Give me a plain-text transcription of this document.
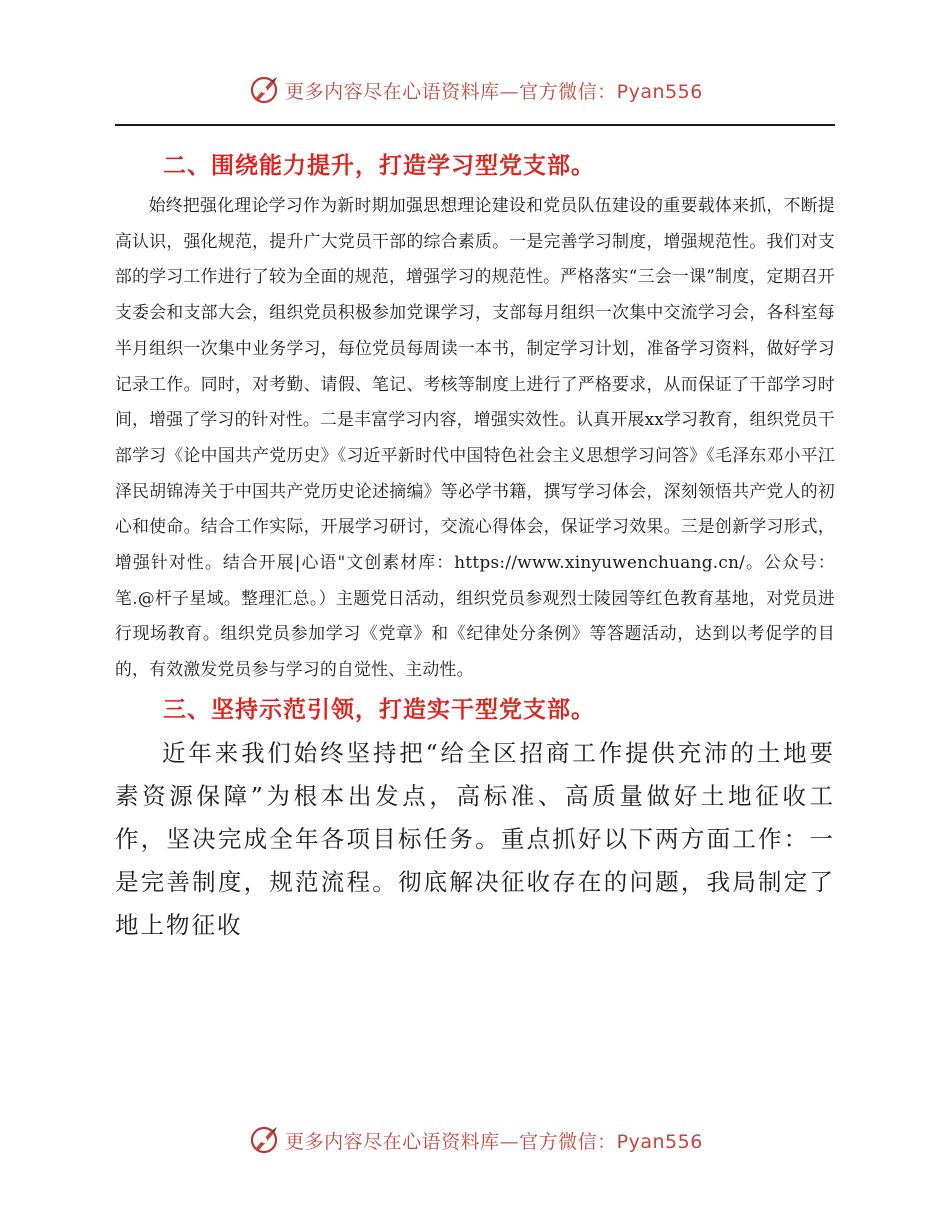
更多内容尽在心语资料库—官方微信：Pyan556
二、围绕能力提升，打造学习型党支部。

始终把强化理论学习作为新时期加强思想理论建设和党员队伍建设的重要载体来抓，不断提高认识，强化规范，提升广大党员干部的综合素质。一是完善学习制度，增强规范性。我们对支部的学习工作进行了较为全面的规范，增强学习的规范性。严格落实“三会一课”制度，定期召开支委会和支部大会，组织党员积极参加党课学习，支部每月组织一次集中交流学习会，各科室每半月组织一次集中业务学习，每位党员每周读一本书，制定学习计划，准备学习资料，做好学习记录工作。同时，对考勤、请假、笔记、考核等制度上进行了严格要求，从而保证了干部学习时间，增强了学习的针对性。二是丰富学习内容，增强实效性。认真开展xx学习教育，组织党员干部学习《论中国共产党历史》《习近平新时代中国特色社会主义思想学习问答》《毛泽东邓小平江泽民胡锦涛关于中国共产党历史论述摘编》等必学书籍，撰写学习体会，深刻领悟共产党人的初心和使命。结合工作实际，开展学习研讨，交流心得体会，保证学习效果。三是创新学习形式，增强针对性。结合开展|心语"文创素材库：https://www.xinyuwenchuang.cn/。公众号：笔.@杆子星域。整理汇总。）主题党日活动，组织党员参观烈士陵园等红色教育基地，对党员进行现场教育。组织党员参加学习《党章》和《纪律处分条例》等答题活动，达到以考促学的目的，有效激发党员参与学习的自觉性、主动性。

三、坚持示范引领，打造实干型党支部。

近年来我们始终坚持把“给全区招商工作提供充沛的土地要素资源保障”为根本出发点，高标准、高质量做好土地征收工作，坚决完成全年各项目标任务。重点抓好以下两方面工作：一是完善制度，规范流程。彻底解决征收存在的问题，我局制定了地上物征收

更多内容尽在心语资料库—官方微信：Pyan556
